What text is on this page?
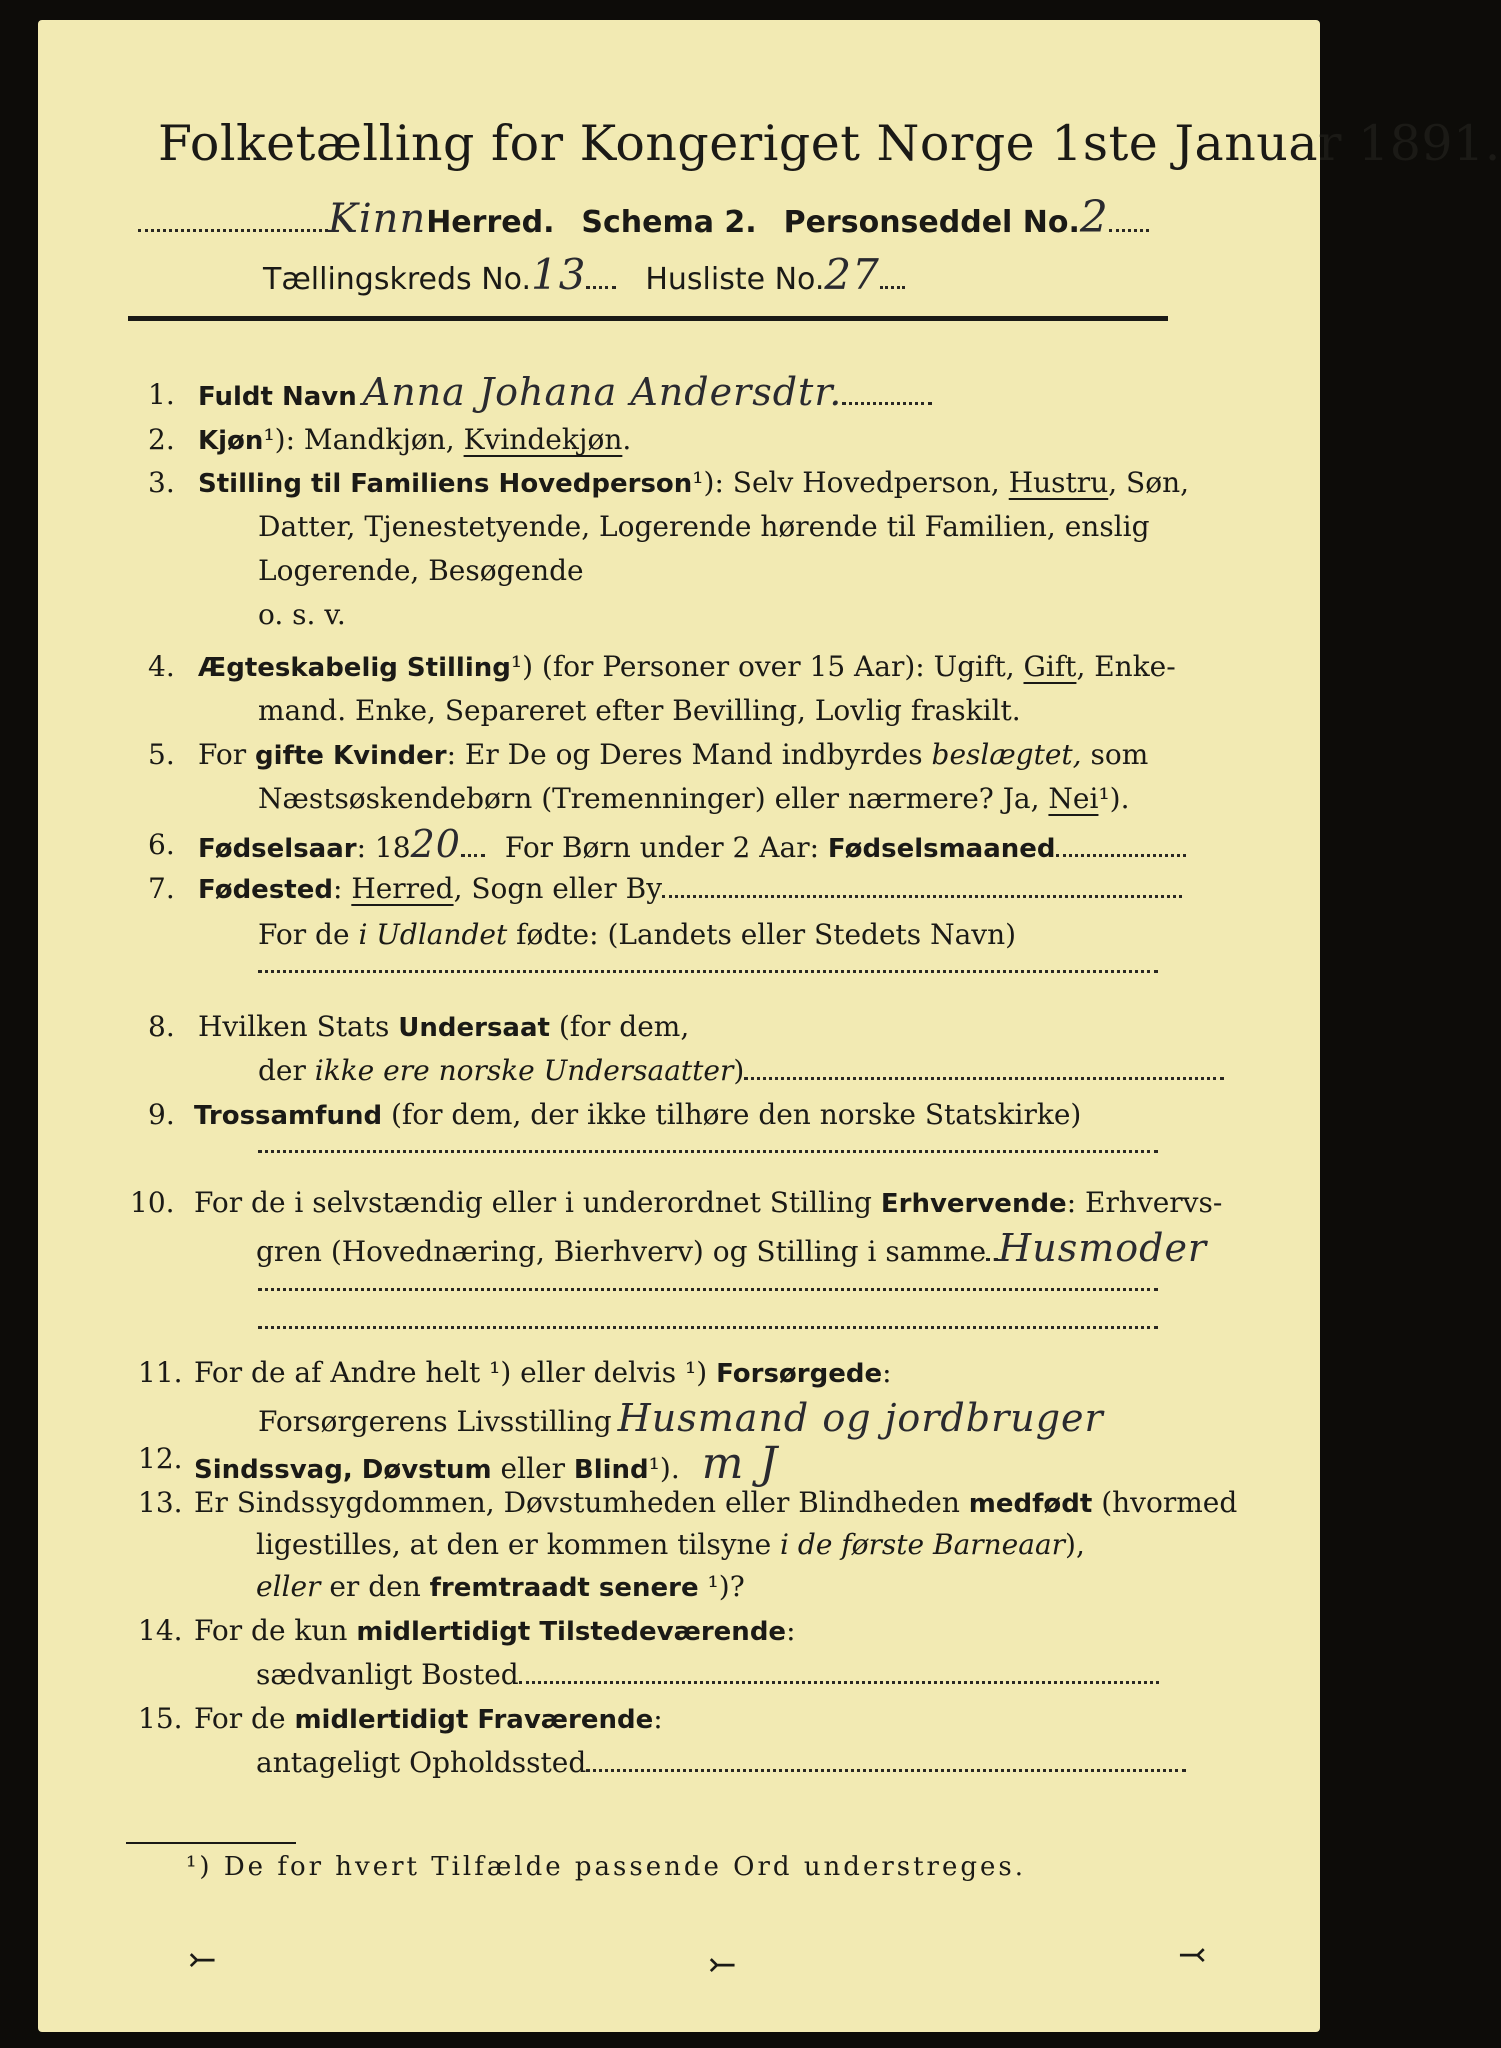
Folketælling for Kongeriget Norge 1ste Januar 1891.
KinnHerred. Schema 2. Personseddel No.2
Tællingskreds No.13 Husliste No.27
1. Fuldt Navn Anna Johana Andersdtr.
2. Kjøn¹): Mandkjøn, Kvindekjøn.
3. Stilling til Familiens Hovedperson¹): Selv Hovedperson, Hustru, Søn,
Datter, Tjenestetyende, Logerende hørende til Familien, enslig
Logerende, Besøgende
o. s. v.
4. Ægteskabelig Stilling¹) (for Personer over 15 Aar): Ugift, Gift, Enke-
mand. Enke, Separeret efter Bevilling, Lovlig fraskilt.
5. For gifte Kvinder: Er De og Deres Mand indbyrdes beslægtet, som
Næstsøskendebørn (Tremenninger) eller nærmere? Ja, Nei¹).
6. Fødselsaar: 1820 For Børn under 2 Aar: Fødselsmaaned
7. Fødested: Herred, Sogn eller By
For de i Udlandet fødte: (Landets eller Stedets Navn)
8. Hvilken Stats Undersaat (for dem,
der ikke ere norske Undersaatter)
9. Trossamfund (for dem, der ikke tilhøre den norske Statskirke)
10. For de i selvstændig eller i underordnet Stilling Erhvervende: Erhvervs-
gren (Hovednæring, Bierhverv) og Stilling i samme Husmoder
11. For de af Andre helt ¹) eller delvis ¹) Forsørgede:
Forsørgerens Livsstilling Husmand og jordbruger
12. Sindssvag, Døvstum eller Blind¹). m J
13. Er Sindssygdommen, Døvstumheden eller Blindheden medfødt (hvormed
ligestilles, at den er kommen tilsyne i de første Barneaar),
eller er den fremtraadt senere ¹)?
14. For de kun midlertidigt Tilstedeværende:
sædvanligt Bosted
15. For de midlertidigt Fraværende:
antageligt Opholdssted
¹) De for hvert Tilfælde passende Ord understreges.
⤚	⤚	⤙
